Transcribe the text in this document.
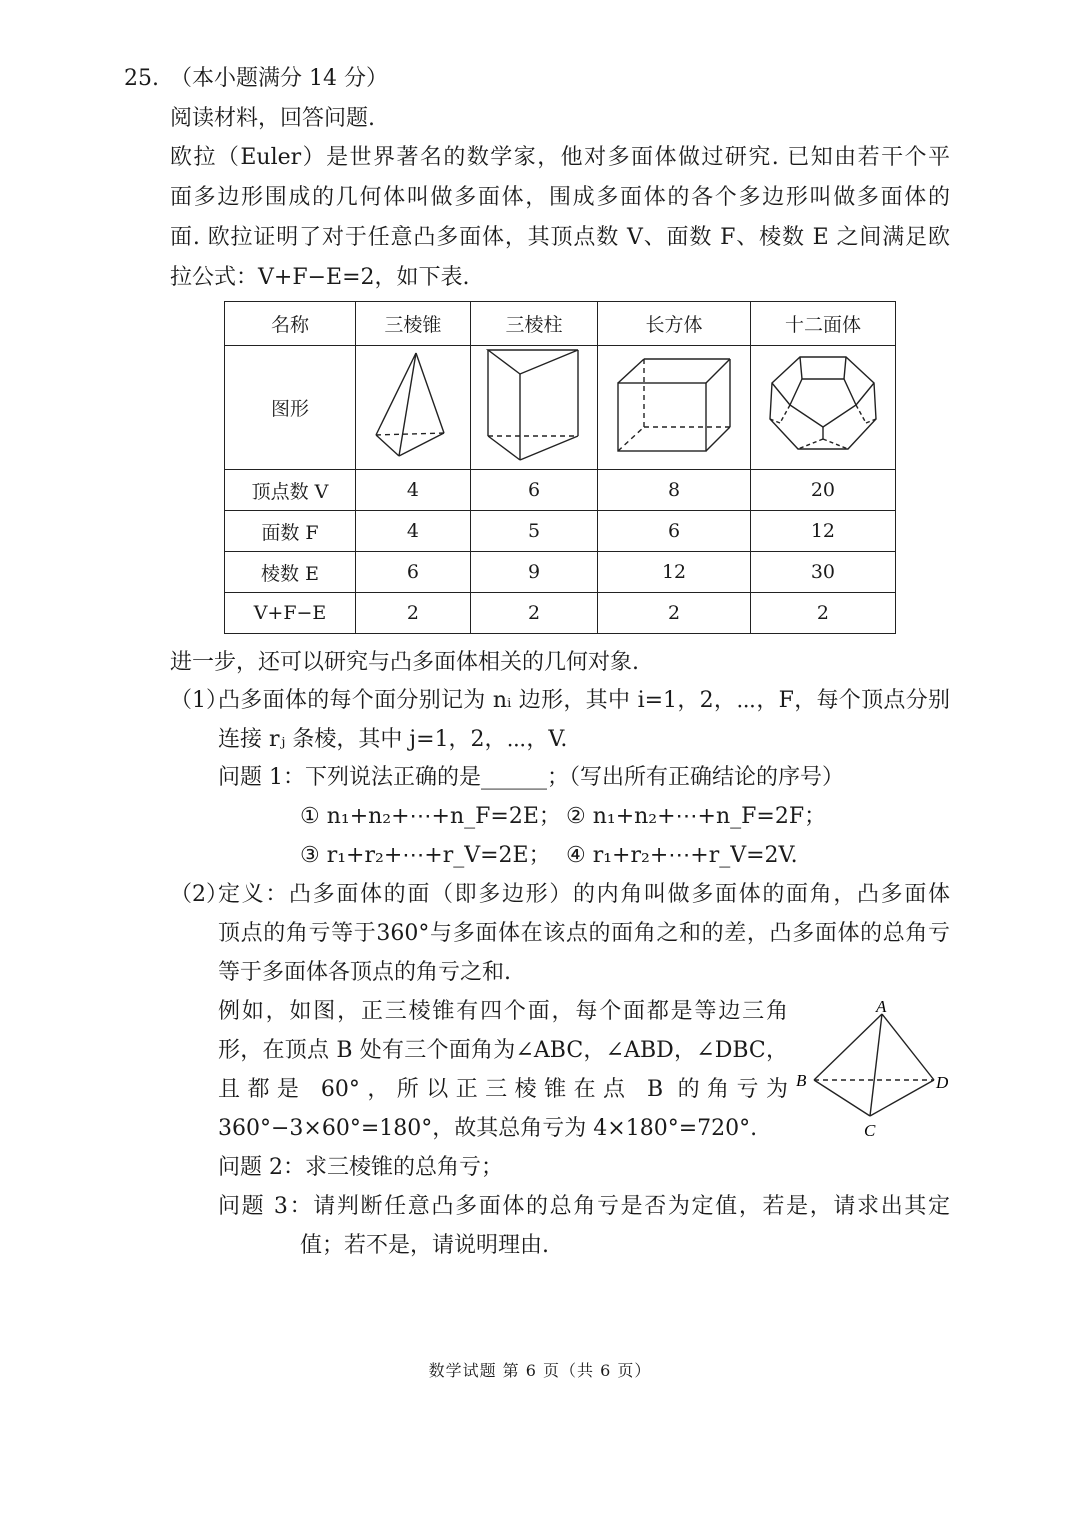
25. （本小题满分 14 分）
阅读材料，回答问题.
欧拉（Euler）是世界著名的数学家，他对多面体做过研究. 已知由若干个平
面多边形围成的几何体叫做多面体，围成多面体的各个多边形叫做多面体的
面. 欧拉证明了对于任意凸多面体，其顶点数 V、面数 F、棱数 E 之间满足欧
拉公式：V+F−E=2，如下表.
名称	三棱锥	三棱柱	长方体	十二面体
图形				
顶点数 V	4	6	8	20
面数 F	4	5	6	12
棱数 E	6	9	12	30
V+F−E	2	2	2	2
进一步，还可以研究与凸多面体相关的几何对象.
（1）
凸多面体的每个面分别记为 nᵢ 边形，其中 i=1，2，⋯，F，每个顶点分别
连接 rⱼ 条棱，其中 j=1，2，⋯，V.
问题 1：下列说法正确的是______；（写出所有正确结论的序号）
① n₁+n₂+⋯+n_F=2E； ② n₁+n₂+⋯+n_F=2F；
③ r₁+r₂+⋯+r_V=2E； ④ r₁+r₂+⋯+r_V=2V.
（2）
定义：凸多面体的面（即多边形）的内角叫做多面体的面角，凸多面体
顶点的角亏等于360°与多面体在该点的面角之和的差，凸多面体的总角亏
等于多面体各顶点的角亏之和.
例如，如图，正三棱锥有四个面，每个面都是等边三角
形，在顶点 B 处有三个面角为∠ABC，∠ABD，∠DBC，
且都是 60°，所以正三棱锥在点 B 的角亏为
360°−3×60°=180°，故其总角亏为 4×180°=720°.
A
B
C
D
问题 2：求三棱锥的总角亏；
问题 3：请判断任意凸多面体的总角亏是否为定值，若是，请求出其定
值；若不是，请说明理由.
数学试题 第 6 页（共 6 页）
